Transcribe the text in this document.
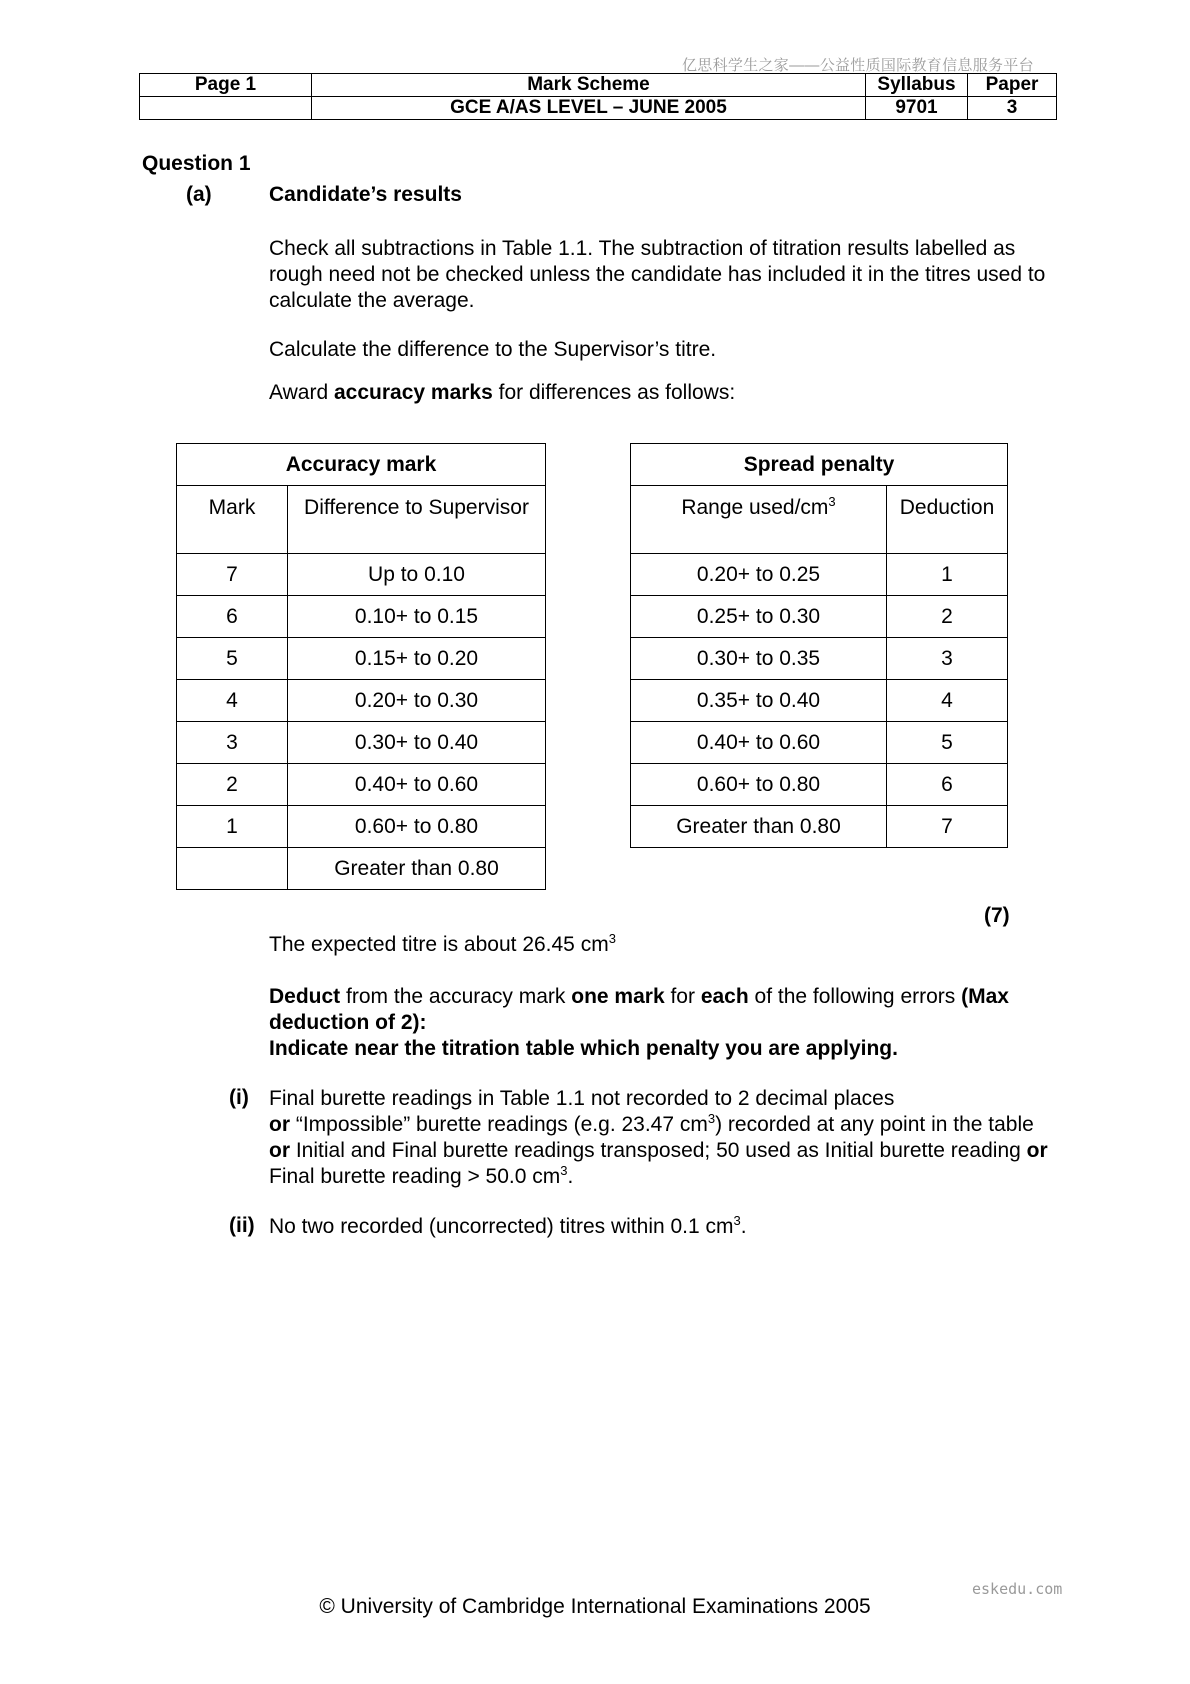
亿思科学生之家——公益性质国际教育信息服务平台
Page 1	Mark Scheme	Syllabus	Paper
	GCE A/AS LEVEL – JUNE 2005	9701	3
Question 1
(a)	Candidate’s results
Check all subtractions in Table 1.1. The subtraction of titration results labelled as rough need not be checked unless the candidate has included it in the titres used to calculate the average.
Calculate the difference to the Supervisor’s titre.
Award accuracy marks for differences as follows:
Accuracy mark	
Mark	Difference to Supervisor
7	Up to 0.10
6	0.10+ to 0.15
5	0.15+ to 0.20
4	0.20+ to 0.30
3	0.30+ to 0.40
2	0.40+ to 0.60
1	0.60+ to 0.80
	Greater than 0.80
Spread penalty	
Range used/$cm^3$	Deduction
0.20+ to 0.25	1
0.25+ to 0.30	2
0.30+ to 0.35	3
0.35+ to 0.40	4
0.40+ to 0.60	5
0.60+ to 0.80	6
Greater than 0.80	7
(7)
The expected titre is about 26.45 $cm^3$
Deduct from the accuracy mark one mark for each of the following errors (Max deduction of 2):
Indicate near the titration table which penalty you are applying.
(i) Final burette readings in Table 1.1 not recorded to 2 decimal places
or “Impossible” burette readings (e.g. 23.47 $cm^3$) recorded at any point in the table or Initial and Final burette readings transposed; 50 used as Initial burette reading or Final burette reading > 50.0 $cm^3$.
(ii) No two recorded (uncorrected) titres within 0.1 $cm^3$.
eskedu.com
© University of Cambridge International Examinations 2005
